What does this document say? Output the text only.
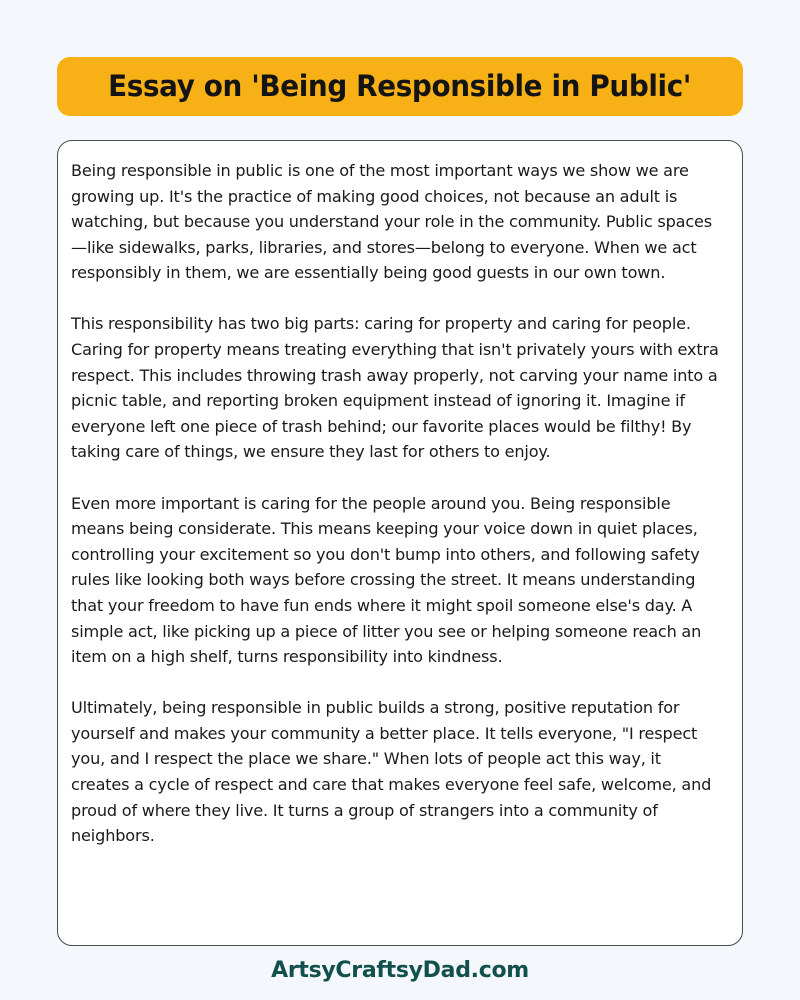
Essay on 'Being Responsible in Public'

Being responsible in public is one of the most important ways we show we are growing up. It's the practice of making good choices, not because an adult is watching, but because you understand your role in the community. Public spaces—like sidewalks, parks, libraries, and stores—belong to everyone. When we act responsibly in them, we are essentially being good guests in our own town.

This responsibility has two big parts: caring for property and caring for people. Caring for property means treating everything that isn't privately yours with extra respect. This includes throwing trash away properly, not carving your name into a picnic table, and reporting broken equipment instead of ignoring it. Imagine if everyone left one piece of trash behind; our favorite places would be filthy! By taking care of things, we ensure they last for others to enjoy.

Even more important is caring for the people around you. Being responsible means being considerate. This means keeping your voice down in quiet places, controlling your excitement so you don't bump into others, and following safety rules like looking both ways before crossing the street. It means understanding that your freedom to have fun ends where it might spoil someone else's day. A simple act, like picking up a piece of litter you see or helping someone reach an item on a high shelf, turns responsibility into kindness.

Ultimately, being responsible in public builds a strong, positive reputation for yourself and makes your community a better place. It tells everyone, "I respect you, and I respect the place we share." When lots of people act this way, it creates a cycle of respect and care that makes everyone feel safe, welcome, and proud of where they live. It turns a group of strangers into a community of neighbors.

ArtsyCraftsyDad.com
